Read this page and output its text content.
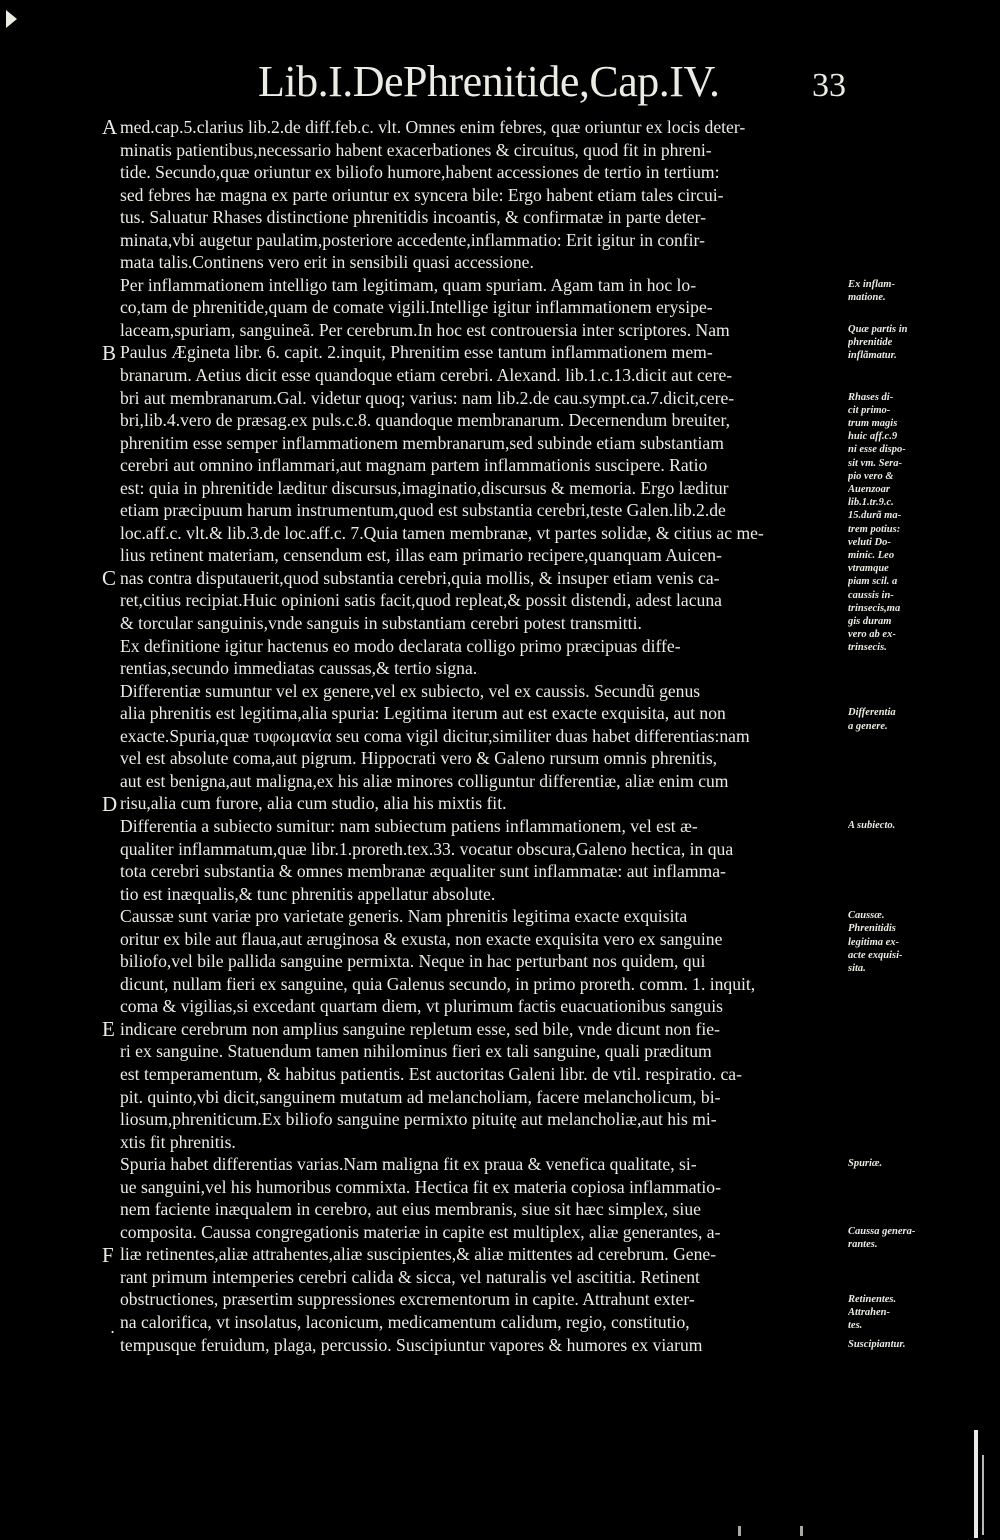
Lib.I.DePhrenitide,Cap.IV.	33
A
B
C
D
E
F
med.cap.5.clarius lib.2.de diff.feb.c. vlt. Omnes enim febres, quæ oriuntur ex locis deter-
minatis patientibus,necessario habent exacerbationes & circuitus, quod fit in phreni-
tide. Secundo,quæ oriuntur ex biliofo humore,habent accessiones de tertio in tertium:
sed febres hæ magna ex parte oriuntur ex syncera bile: Ergo habent etiam tales circui-
tus. Saluatur Rhases distinctione phrenitidis incoantis, & confirmatæ in parte deter-
minata,vbi augetur paulatim,posteriore accedente,inflammatio: Erit igitur in confir-
mata talis.Continens vero erit in sensibili quasi accessione.
Per inflammationem intelligo tam legitimam, quam spuriam. Agam tam in hoc lo-
co,tam de phrenitide,quam de comate vigili.Intellige igitur inflammationem erysipe-
laceam,spuriam, sanguineã. Per cerebrum.In hoc est controuersia inter scriptores. Nam
Paulus Ægineta libr. 6. capit. 2.inquit, Phrenitim esse tantum inflammationem mem-
branarum. Aetius dicit esse quandoque etiam cerebri. Alexand. lib.1.c.13.dicit aut cere-
bri aut membranarum.Gal. videtur quoq; varius: nam lib.2.de cau.sympt.ca.7.dicit,cere-
bri,lib.4.vero de præsag.ex puls.c.8. quandoque membranarum. Decernendum breuiter,
phrenitim esse semper inflammationem membranarum,sed subinde etiam substantiam
cerebri aut omnino inflammari,aut magnam partem inflammationis suscipere. Ratio
est: quia in phrenitide læditur discursus,imaginatio,discursus & memoria. Ergo læditur
etiam præcipuum harum instrumentum,quod est substantia cerebri,teste Galen.lib.2.de
loc.aff.c. vlt.& lib.3.de loc.aff.c. 7.Quia tamen membranæ, vt partes solidæ, & citius ac me-
lius retinent materiam, censendum est, illas eam primario recipere,quanquam Auicen-
nas contra disputauerit,quod substantia cerebri,quia mollis, & insuper etiam venis ca-
ret,citius recipiat.Huic opinioni satis facit,quod repleat,& possit distendi, adest lacuna
& torcular sanguinis,vnde sanguis in substantiam cerebri potest transmitti.
Ex definitione igitur hactenus eo modo declarata colligo primo præcipuas diffe-
rentias,secundo immediatas caussas,& tertio signa.
Differentiæ sumuntur vel ex genere,vel ex subiecto, vel ex caussis. Secundũ genus
alia phrenitis est legitima,alia spuria: Legitima iterum aut est exacte exquisita, aut non
exacte.Spuria,quæ τυφωμανία seu coma vigil dicitur,similiter duas habet differentias:nam
vel est absolute coma,aut pigrum. Hippocrati vero & Galeno rursum omnis phrenitis,
aut est benigna,aut maligna,ex his aliæ minores colliguntur differentiæ, aliæ enim cum
risu,alia cum furore, alia cum studio, alia his mixtis fit.
Differentia a subiecto sumitur: nam subiectum patiens inflammationem, vel est æ-
qualiter inflammatum,quæ libr.1.proreth.tex.33. vocatur obscura,Galeno hectica, in qua
tota cerebri substantia & omnes membranæ æqualiter sunt inflammatæ: aut inflamma-
tio est inæqualis,& tunc phrenitis appellatur absolute.
Caussæ sunt variæ pro varietate generis. Nam phrenitis legitima exacte exquisita
oritur ex bile aut flaua,aut æruginosa & exusta, non exacte exquisita vero ex sanguine
biliofo,vel bile pallida sanguine permixta. Neque in hac perturbant nos quidem, qui
dicunt, nullam fieri ex sanguine, quia Galenus secundo, in primo proreth. comm. 1. inquit,
coma & vigilias,si excedant quartam diem, vt plurimum factis euacuationibus sanguis
indicare cerebrum non amplius sanguine repletum esse, sed bile, vnde dicunt non fie-
ri ex sanguine. Statuendum tamen nihilominus fieri ex tali sanguine, quali præditum
est temperamentum, & habitus patientis. Est auctoritas Galeni libr. de vtil. respiratio. ca-
pit. quinto,vbi dicit,sanguinem mutatum ad melancholiam, facere melancholicum, bi-
liosum,phreniticum.Ex biliofo sanguine permixto pituitę aut melancholiæ,aut his mi-
xtis fit phrenitis.
Spuria habet differentias varias.Nam maligna fit ex praua & venefica qualitate, si-
ue sanguini,vel his humoribus commixta. Hectica fit ex materia copiosa inflammatio-
nem faciente inæqualem in cerebro, aut eius membranis, siue sit hæc simplex, siue
composita. Caussa congregationis materiæ in capite est multiplex, aliæ generantes, a-
liæ retinentes,aliæ attrahentes,aliæ suscipientes,& aliæ mittentes ad cerebrum. Gene-
rant primum intemperies cerebri calida & sicca, vel naturalis vel ascititia. Retinent
obstructiones, præsertim suppressiones excrementorum in capite. Attrahunt exter-
na calorifica, vt insolatus, laconicum, medicamentum calidum, regio, constitutio,
tempusque feruidum, plaga, percussio. Suscipiuntur vapores & humores ex viarum
Ex inflam-
matione.
Quæ partis in
phrenitide
inflãmatur.
Rhases di-
cit primo-
trum magis
huic aff.c.9
ni esse dispo-
sit vm. Sera-
pio vero &
Auenzoar
lib.1.tr.9.c.
15.durã ma-
trem potius:
veluti Do-
minic. Leo
vtramque
piam scil. a
caussis in-
trinsecis,ma
gis duram
vero ab ex-
trinsecis.
Differentia
a genere.
A subiecto.
Caussæ.
Phrenitidis
legitima ex-
acte exquisi-
sita.
Spuriæ.
Caussa genera-
rantes.
Retinentes.
Attrahen-
tes.
Suscipiantur.
.
